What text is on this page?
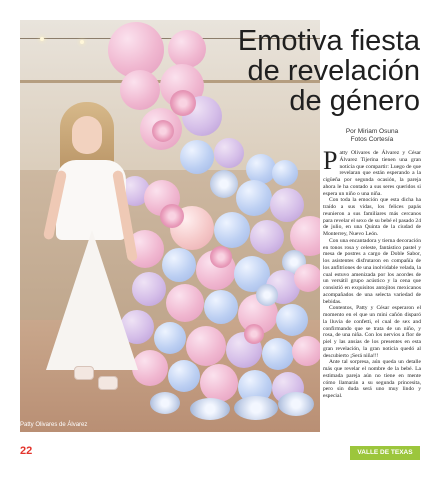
Patty Olivares de Álvarez
Emotiva fiesta
de revelación
de género
Por Miriam Osuna
Fotos Cortesía
P atty Olivares de Álvarez y César Álvarez Tijerina tienen una gran noticia que compartir: Luego de que revelaran que están esperando a la cigüeña por segunda ocasión, la pareja ahora le ha contado a sus seres queridos si espera un niño o una niña.

Con toda la emoción que esta dicha ha traído a sus vidas, los felices papás reunieron a sus familiares más cercanos para revelar el sexo de su bebé el pasado 24 de julio, en una Quinta de la ciudad de Monterrey, Nuevo León.

Con una encantadora y tierna decoración en tonos rosa y celeste, fantástico pastel y mesa de postres a cargo de Doble Sabor, los asistentes disfrutaron en compañía de los anfitriones de una inolvidable velada, la cual estuvo amenizada por los acordes de un versátil grupo acústico y la cena que consistió en exquisitos antojitos mexicanos acompañados de una selecta variedad de bebidas.

Contentos, Patty y César esperaron el momento en el que un mini cañón disparó la lluvia de confetti, el cual de sex and confirmando que se trata de un niño, y rosa, de una niña. Con los nervios a flor de piel y las ansias de los presentes en esta gran revelación, la gran noticia quedó al descubierto ¡Será niña!!!

Ante tal sorpresa, aún queda un detalle más que revelar el nombre de la bebé. La estimada pareja aún no tiene en mente cómo llamarán a su segunda princesita, pero sin duda será uno muy lindo y especial.

22	VALLE DE TEXAS
